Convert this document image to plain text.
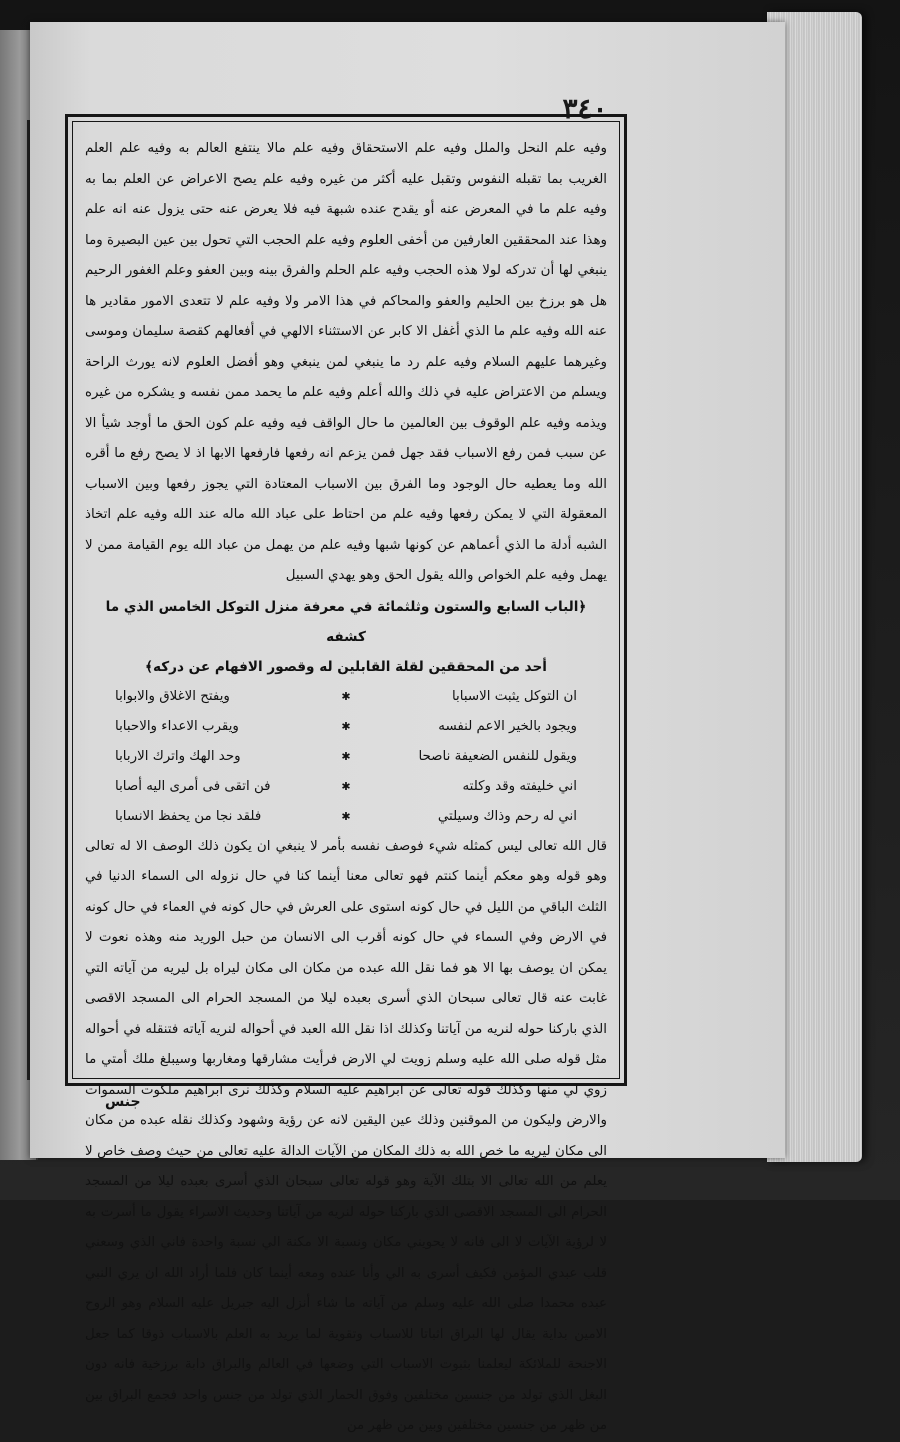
٣٤٠

وفيه علم النحل والملل وفيه علم الاستحقاق وفيه علم مالا ينتفع العالم به وفيه علم العلم الغريب بما تقبله النفوس وتقبل عليه أكثر من غيره وفيه علم يصح الاعراض عن العلم بما به وفيه علم ما في المعرض عنه أو يقدح عنده شبهة فيه فلا يعرض عنه حتى يزول عنه انه علم وهذا عند المحققين العارفين من أخفى العلوم وفيه علم الحجب التي تحول بين عين البصيرة وما ينبغي لها أن تدركه لولا هذه الحجب وفيه علم الحلم والفرق بينه وبين العفو وعلم الغفور الرحيم هل هو برزخ بين الحليم والعفو والمحاكم في هذا الامر ولا وفيه علم لا تتعدى الامور مقادير ها عنه الله وفيه علم ما الذي أغفل الا كابر عن الاستثناء الالهي في أفعالهم كقصة سليمان وموسى وغيرهما عليهم السلام وفيه علم رد ما ينبغي لمن ينبغي وهو أفضل العلوم لانه يورث الراحة ويسلم من الاعتراض عليه في ذلك والله أعلم وفيه علم ما يحمد ممن نفسه و يشكره من غيره ويذمه وفيه علم الوقوف بين العالمين ما حال الواقف فيه وفيه علم كون الحق ما أوجد شيأ الا عن سبب فمن رفع الاسباب فقد جهل فمن يزعم انه رفعها فارفعها الابها اذ لا يصح رفع ما أقره الله وما يعطيه حال الوجود وما الفرق بين الاسباب المعتادة التي يجوز رفعها وبين الاسباب المعقولة التي لا يمكن رفعها وفيه علم من احتاط على عباد الله ماله عند الله وفيه علم اتخاذ الشبه أدلة ما الذي أعماهم عن كونها شبها وفيه علم من يهمل من عباد الله يوم القيامة ممن لا يهمل وفيه علم الخواص والله يقول الحق وهو يهدي السبيل

﴿الباب السابع والستون وثلثمائة في معرفة منزل التوكل الخامس الذي ما كشفه
أحد من المحققين لقلة القابلين له وقصور الافهام عن دركه﴾
ان التوكل يثبت الاسبابا
✱
ويفتح الاغلاق والابوابا
ويجود بالخير الاعم لنفسه
✱
ويقرب الاعداء والاحبابا
ويقول للنفس الضعيفة ناصحا
✱
وحد الهك واترك الاربابا
اني خليفته وقد وكلته
✱
فن اتقى فى أمرى اليه أصابا
اني له رحم وذاك وسيلتي
✱
فلقد نجا من يحفظ الانسابا

قال الله تعالى ليس كمثله شيء فوصف نفسه بأمر لا ينبغي ان يكون ذلك الوصف الا له تعالى وهو قوله وهو معكم أينما كنتم فهو تعالى معنا أينما كنا في حال نزوله الى السماء الدنيا في الثلث الباقي من الليل في حال كونه استوى على العرش في حال كونه في العماء في حال كونه في الارض وفي السماء في حال كونه أقرب الى الانسان من حبل الوريد منه وهذه نعوت لا يمكن ان يوصف بها الا هو فما نقل الله عبده من مكان الى مكان ليراه بل ليريه من آياته التي غابت عنه قال تعالى سبحان الذي أسرى بعبده ليلا من المسجد الحرام الى المسجد الاقصى الذي باركنا حوله لنريه من آياتنا وكذلك اذا نقل الله العبد في أحواله لنريه آياته فتنقله في أحواله مثل قوله صلى الله عليه وسلم زويت لي الارض فرأيت مشارقها ومغاربها وسيبلغ ملك أمتي ما زوي لي منها وكذلك قوله تعالى عن ابراهيم عليه السلام وكذلك نرى ابراهيم ملكوت السموات والارض وليكون من الموقنين وذلك عين اليقين لانه عن رؤية وشهود وكذلك نقله عبده من مكان الى مكان ليريه ما خص الله به ذلك المكان من الآيات الدالة عليه تعالى من حيث وصف خاص لا يعلم من الله تعالى الا بتلك الآية وهو قوله تعالى سبحان الذي أسرى بعبده ليلا من المسجد الحرام الى المسجد الاقصى الذي باركنا حوله لنريه من آياتنا وحديث الاسراء يقول ما أسرت به لا لرؤية الآيات لا الى فانه لا يحويني مكان ونسبة الا مكنة الي نسبة واحدة فاني الذي وسعني قلب عبدي المؤمن فكيف أسرى به الي وأنا عنده ومعه أينما كان فلما أراد الله ان يري النبي عبده محمدا صلى الله عليه وسلم من آياته ما شاء أنزل اليه جبريل عليه السلام وهو الروح الامين بداية يقال لها البراق اثباتا للاسباب وتقوية لما يريد به العلم بالاسباب ذوقا كما جعل الاجنحة للملائكة ليعلمنا بثبوت الاسباب التي وضعها في العالم والبراق دابة برزخية فانه دون البغل الذي تولد من جنسين مختلفين وفوق الحمار الذي تولد من جنس واحد فجمع البراق بين من ظهر من جنسين مختلفين وبين من ظهر من

جنس
